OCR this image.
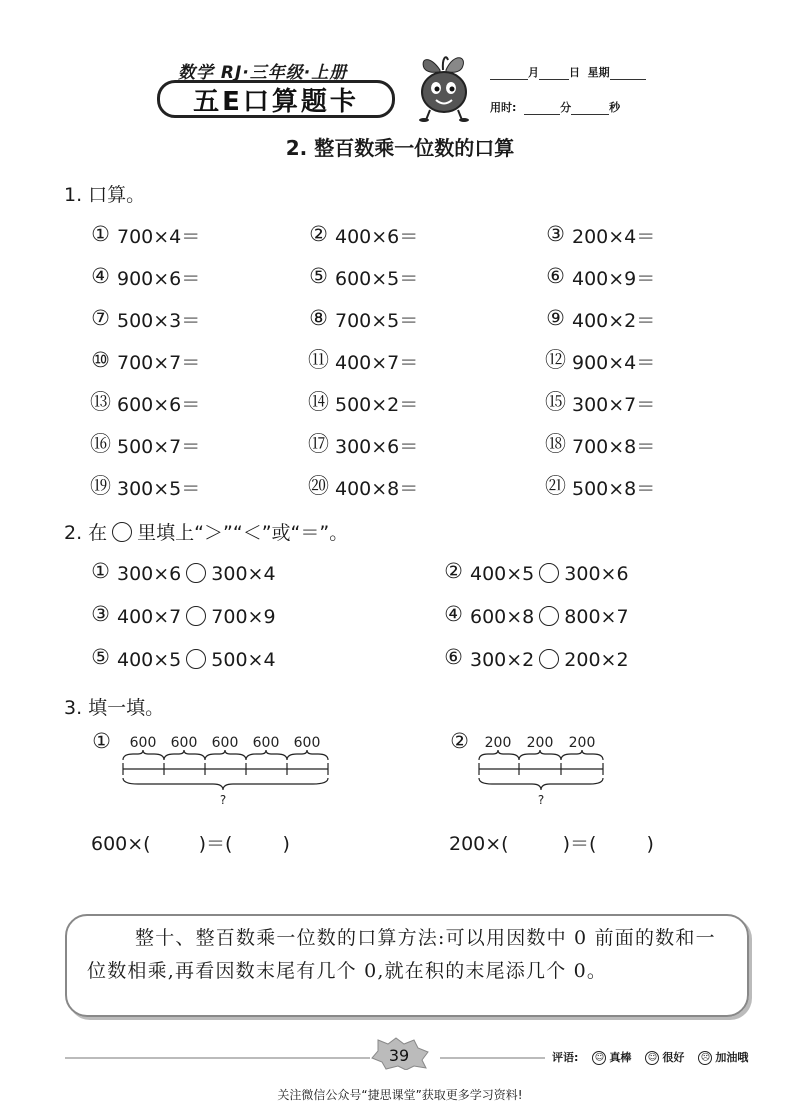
数学 RJ·三年级·上册
五E口算题卡
月	日 星期
用时:	分	秒
2. 整百数乘一位数的口算
1. 口算。
① 700×4＝	② 400×6＝	③ 200×4＝
④ 900×6＝	⑤ 600×5＝	⑥ 400×9＝
⑦ 500×3＝	⑧ 700×5＝	⑨ 400×2＝
⑩ 700×7＝	⑪ 400×7＝	⑫ 900×4＝
⑬ 600×6＝	⑭ 500×2＝	⑮ 300×7＝
⑯ 500×7＝	⑰ 300×6＝	⑱ 700×8＝
⑲ 300×5＝	⑳ 400×8＝	㉑ 500×8＝
2. 在 里填上“＞”“＜”或“＝”。
① 300×6 300×4	② 400×5 300×6
③ 400×7 700×9	④ 600×8 800×7
⑤ 400×5 500×4	⑥ 300×2 200×2
3. 填一填。
①	600 600 600 600 600
?
②	200 200 200
?
600×(	)＝(	)	200×(	)＝(	)

整十、整百数乘一位数的口算方法:可以用因数中 0 前面的数和一位数相乘,再看因数末尾有几个 0,就在积的末尾添几个 0。

39	评语: ☺ 真棒 ☺ 很好 ☹ 加油哦
关注微信公众号“捷思课堂”获取更多学习资料!
